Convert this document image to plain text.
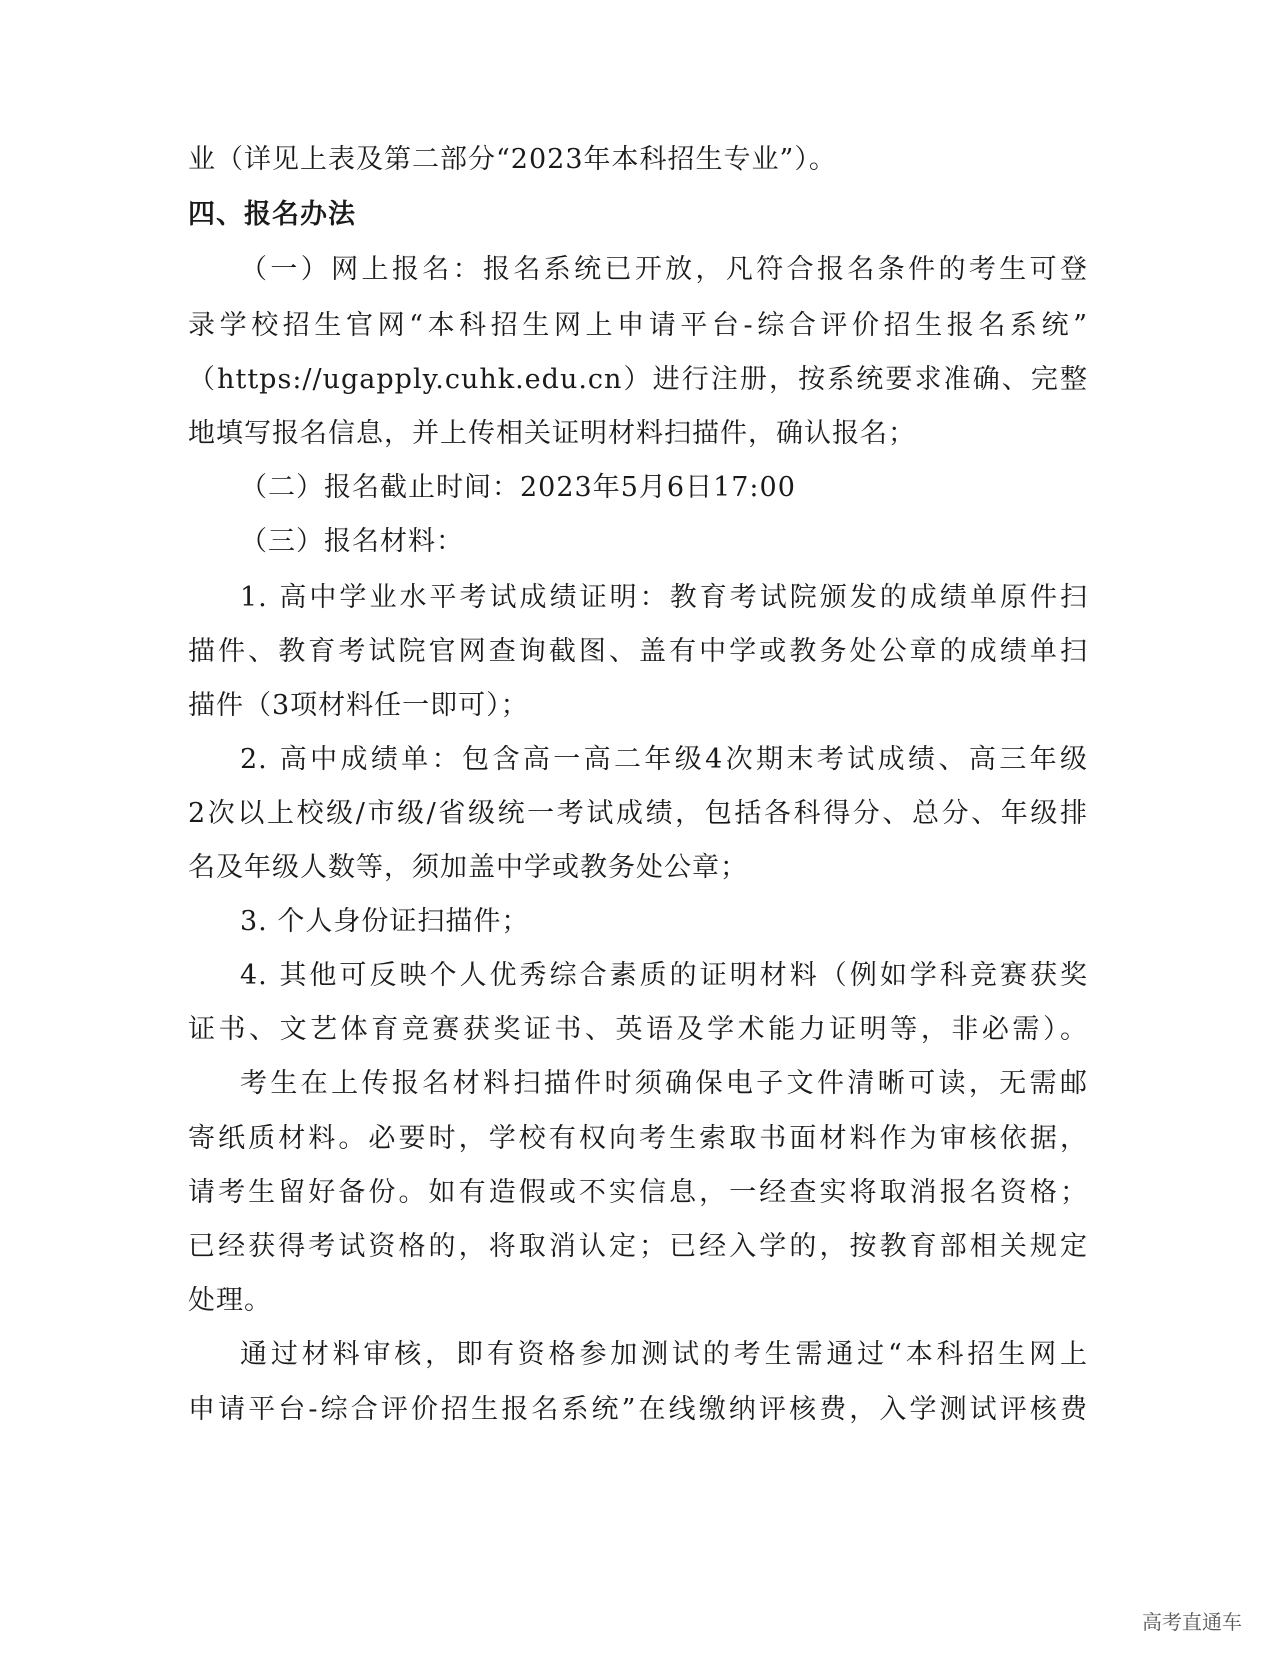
业（详见上表及第二部分“2023年本科招生专业”）。
四、报名办法
（一）网上报名：报名系统已开放，凡符合报名条件的考生可登
录学校招生官网“本科招生网上申请平台-综合评价招生报名系统”
（https://ugapply.cuhk.edu.cn）进行注册，按系统要求准确、完整
地填写报名信息，并上传相关证明材料扫描件，确认报名；
（二）报名截止时间：2023年5月6日17:00
（三）报名材料：
1. 高中学业水平考试成绩证明：教育考试院颁发的成绩单原件扫
描件、教育考试院官网查询截图、盖有中学或教务处公章的成绩单扫
描件（3项材料任一即可）；
2. 高中成绩单：包含高一高二年级4次期末考试成绩、高三年级
2次以上校级/市级/省级统一考试成绩，包括各科得分、总分、年级排
名及年级人数等，须加盖中学或教务处公章；
3. 个人身份证扫描件；
4. 其他可反映个人优秀综合素质的证明材料（例如学科竞赛获奖
证书、文艺体育竞赛获奖证书、英语及学术能力证明等，非必需）。
考生在上传报名材料扫描件时须确保电子文件清晰可读，无需邮
寄纸质材料。必要时，学校有权向考生索取书面材料作为审核依据，
请考生留好备份。如有造假或不实信息，一经查实将取消报名资格；
已经获得考试资格的，将取消认定；已经入学的，按教育部相关规定
处理。
通过材料审核，即有资格参加测试的考生需通过“本科招生网上
申请平台-综合评价招生报名系统”在线缴纳评核费，入学测试评核费
高考直通车
